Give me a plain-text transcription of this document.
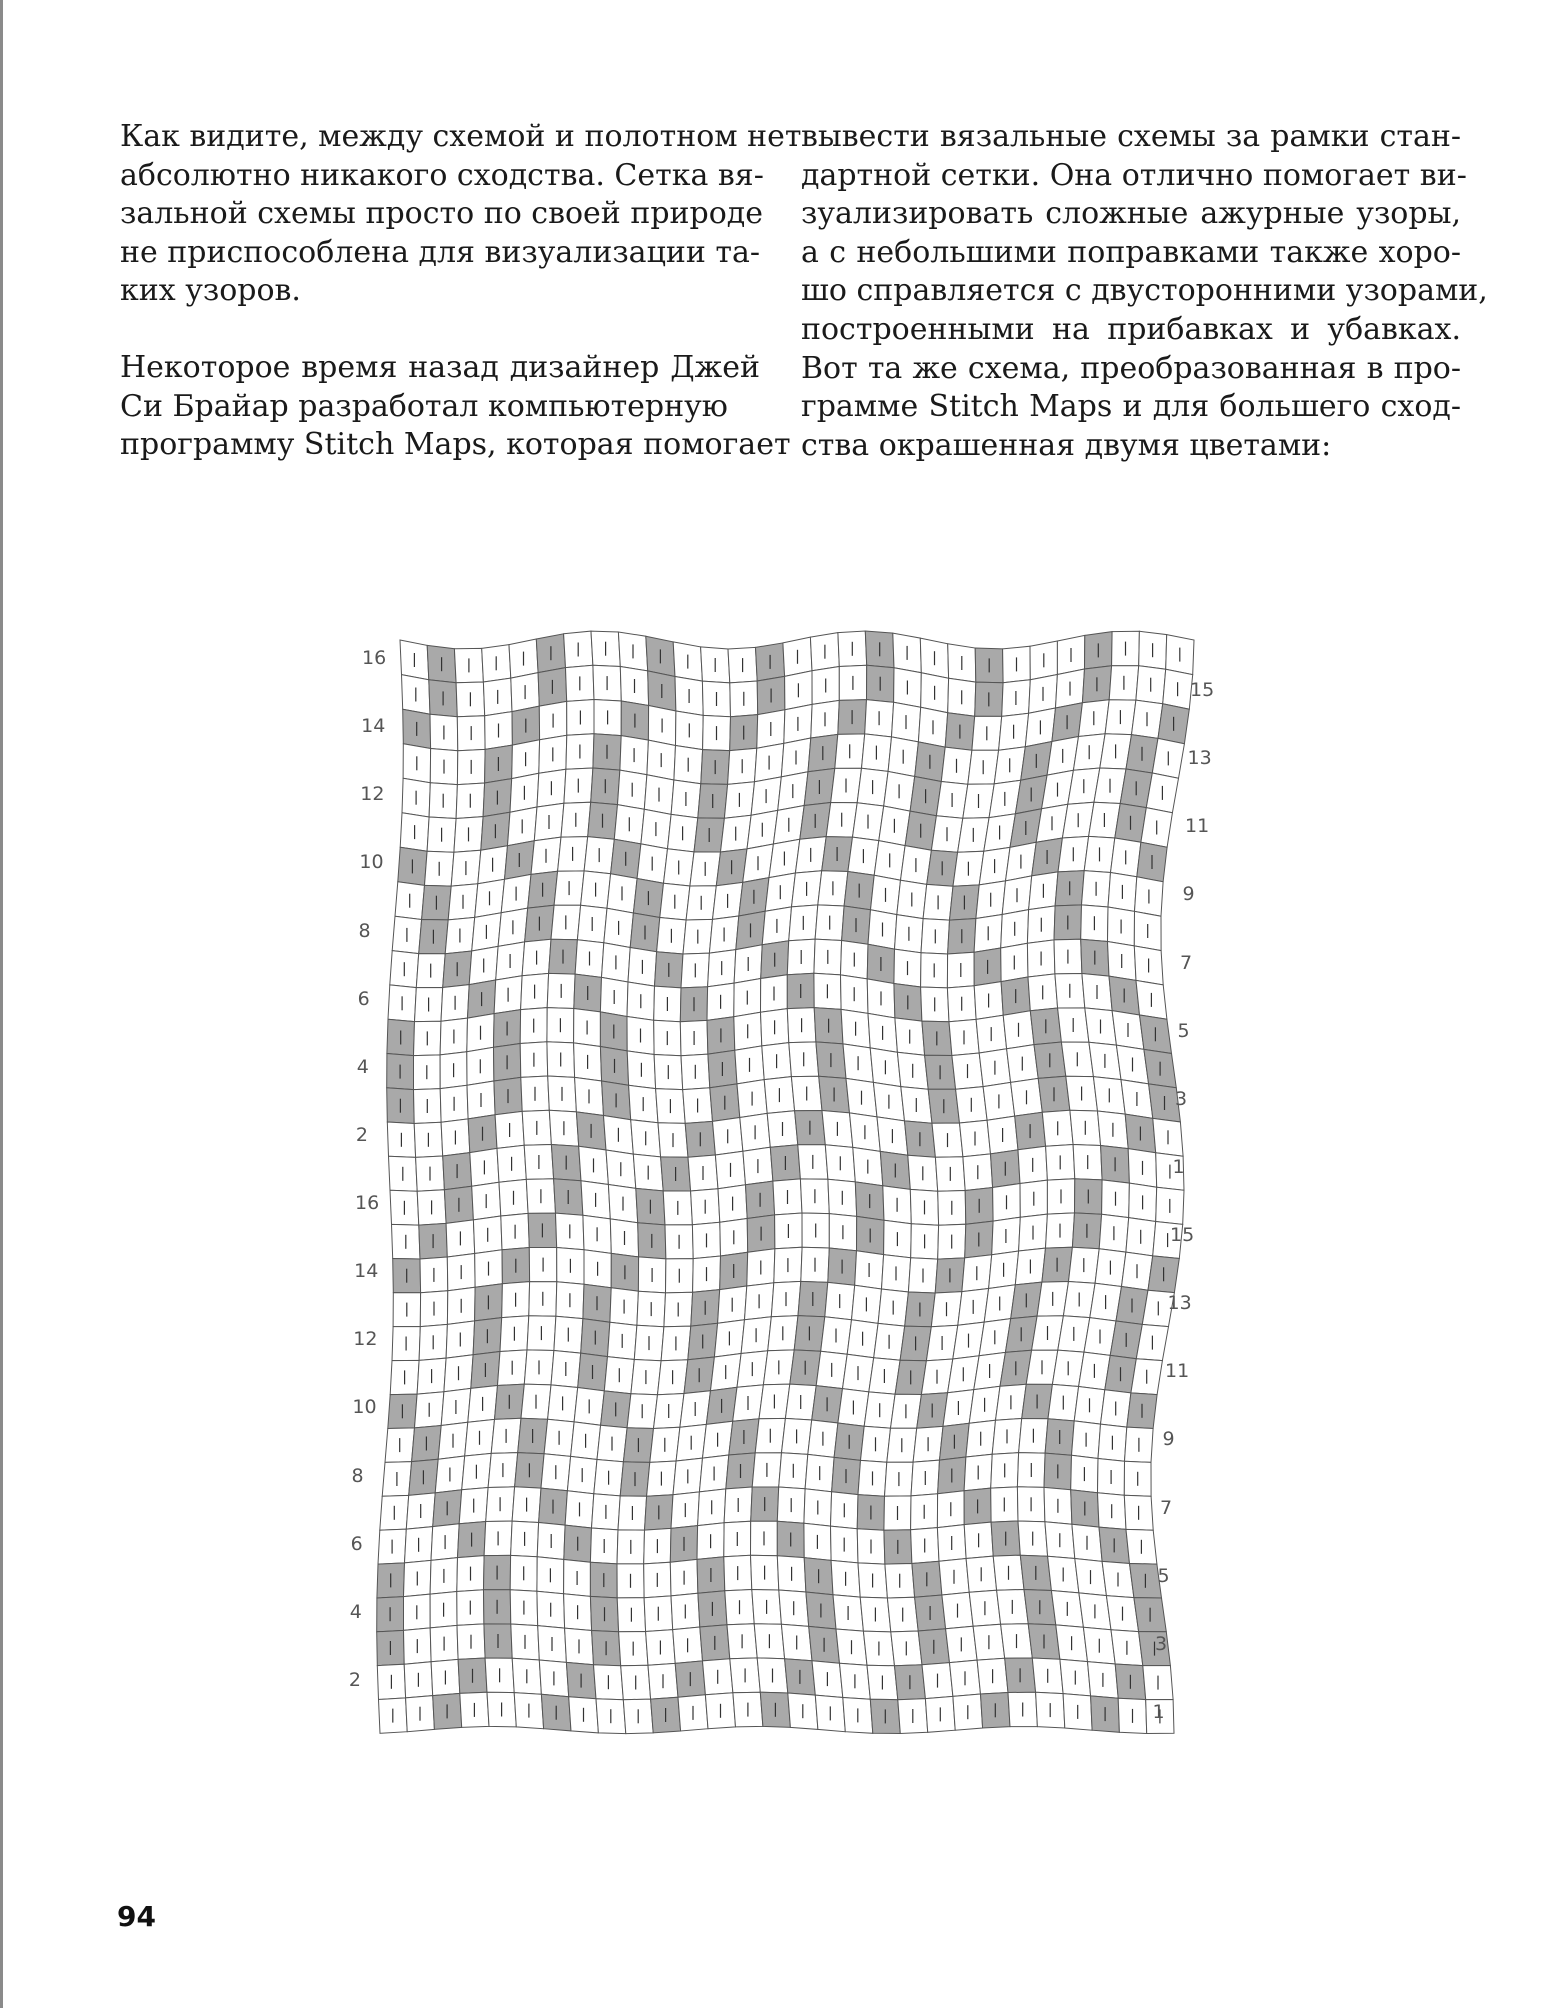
Как видите, между схемой и полотном нет
абсолютно никакого сходства. Сетка вя-
зальной схемы просто по своей природе
не приспособлена для визуализации та-
ких узоров.

Некоторое время назад дизайнер Джей
Си Брайар разработал компьютерную
программу Stitch Maps, которая помогает

вывести вязальные схемы за рамки стан-
дартной сетки. Она отлично помогает ви-
зуализировать сложные ажурные узоры,
а с небольшими поправками также хоро-
шо справляется с двусторонними узорами,
построенными на прибавках и убавках.
Вот та же схема, преобразованная в про-
грамме Stitch Maps и для большего сход-
ства окрашенная двумя цветами:

16
14
12
10
8
6
4
2
16
14
12
10
8
6
4
2
15
13
11
9
7
5
3
1
15
13
11
9
7
5
3
1
94
